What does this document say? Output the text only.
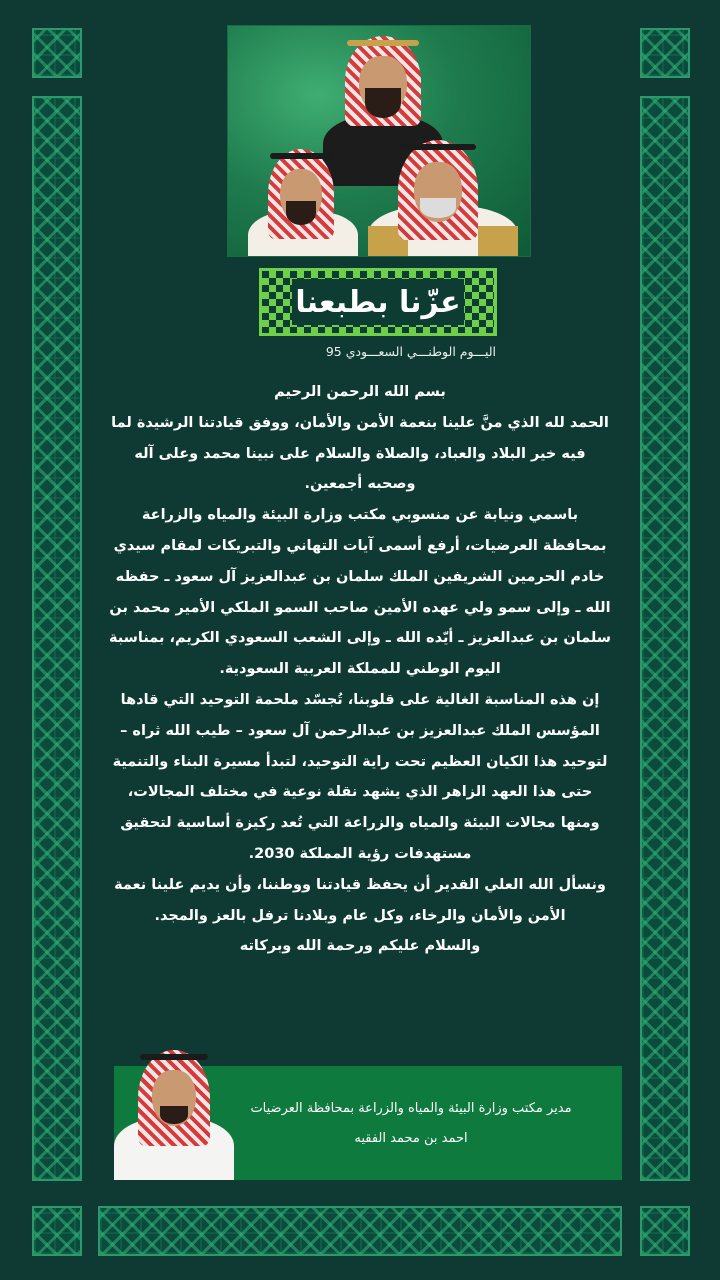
عزّنا بطبعنا
اليـــوم الوطنـــي السعـــودي 95

بسم الله الرحمن الرحيم

الحمد لله الذي منَّ علينا بنعمة الأمن والأمان، ووفق قيادتنا الرشيدة لما فيه خير البلاد والعباد، والصلاة والسلام على نبينا محمد وعلى آله وصحبه أجمعين.

باسمي ونيابة عن منسوبي مكتب وزارة البيئة والمياه والزراعة بمحافظة العرضيات، أرفع أسمى آيات التهاني والتبريكات لمقام سيدي خادم الحرمين الشريفين الملك سلمان بن عبدالعزيز آل سعود ـ حفظه الله ـ وإلى سمو ولي عهده الأمين صاحب السمو الملكي الأمير محمد بن سلمان بن عبدالعزيز ـ أيّده الله ـ وإلى الشعب السعودي الكريم، بمناسبة اليوم الوطني للمملكة العربية السعودية.

إن هذه المناسبة الغالية على قلوبنا، تُجسّد ملحمة التوحيد التي قادها المؤسس الملك عبدالعزيز بن عبدالرحمن آل سعود – طيب الله ثراه – لتوحيد هذا الكيان العظيم تحت راية التوحيد، لتبدأ مسيرة البناء والتنمية حتى هذا العهد الزاهر الذي يشهد نقلة نوعية في مختلف المجالات، ومنها مجالات البيئة والمياه والزراعة التي تُعد ركيزة أساسية لتحقيق مستهدفات رؤية المملكة 2030.

ونسأل الله العلي القدير أن يحفظ قيادتنا ووطننا، وأن يديم علينا نعمة الأمن والأمان والرخاء، وكل عام وبلادنا ترفل بالعز والمجد.

والسلام عليكم ورحمة الله وبركاته

مدير مكتب وزارة البيئة والمياه والزراعة بمحافظة العرضيات
احمد بن محمد الفقيه
